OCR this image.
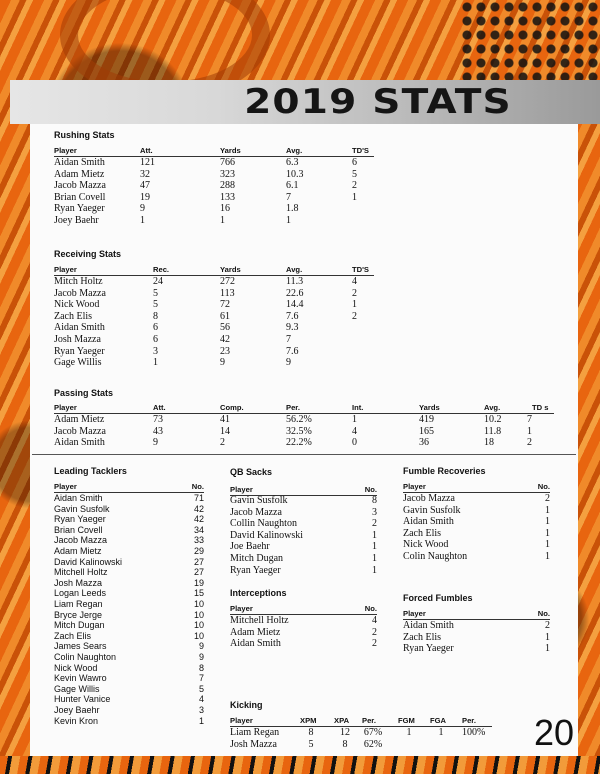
2019 STATS
Rushing Stats
Player	Att.	Yards	Avg.	TD'S
Aidan Smith	121	766	6.3	6
Adam Mietz	32	323	10.3	5
Jacob Mazza	47	288	6.1	2
Brian Covell	19	133	7	1
Ryan Yaeger	9	16	1.8
Joey Baehr	1	1	1
Receiving Stats
Player	Rec.	Yards	Avg.	TD'S
Mitch Holtz	24	272	11.3	4
Jacob Mazza	5	113	22.6	2
Nick Wood	5	72	14.4	1
Zach Elis	8	61	7.6	2
Aidan Smith	6	56	9.3
Josh Mazza	6	42	7
Ryan Yaeger	3	23	7.6
Gage Willis	1	9	9
Passing Stats
Player	Att.	Comp.	Per.	Int.	Yards	Avg.	TD s
Adam Mietz	73	41	56.2%	1	419	10.2	7
Jacob Mazza	43	14	32.5%	4	165	11.8	1
Aidan Smith	9	2	22.2%	0	36	18	2
Leading Tacklers
Player	No.
Aidan Smith	71
Gavin Susfolk	42
Ryan Yaeger	42
Brian Covell	34
Jacob Mazza	33
Adam Mietz	29
David Kalinowski	27
Mitchell Holtz	27
Josh Mazza	19
Logan Leeds	15
Liam Regan	10
Bryce Jerge	10
Mitch Dugan	10
Zach Elis	10
James Sears	9
Colin Naughton	9
Nick Wood	8
Kevin Wawro	7
Gage Willis	5
Hunter Vanice	4
Joey Baehr	3
Kevin Kron	1
QB Sacks
Player	No.
Gavin Susfolk	8
Jacob Mazza	3
Collin Naughton	2
David Kalinowski	1
Joe Baehr	1
Mitch Dugan	1
Ryan Yaeger	1
Interceptions
Player	No.
Mitchell Holtz	4
Adam Mietz	2
Aidan Smith	2
Fumble Recoveries
Player	No.
Jacob Mazza	2
Gavin Susfolk	1
Aidan Smith	1
Zach Elis	1
Nick Wood	1
Colin Naughton	1
Forced Fumbles
Player	No.
Aidan Smith	2
Zach Elis	1
Ryan Yaeger	1
Kicking
Player	XPM XPA Per.	FGM FGA Per.
Liam Regan	8	12	67%	1	1	100%
Josh Mazza	5	8	62%	20
